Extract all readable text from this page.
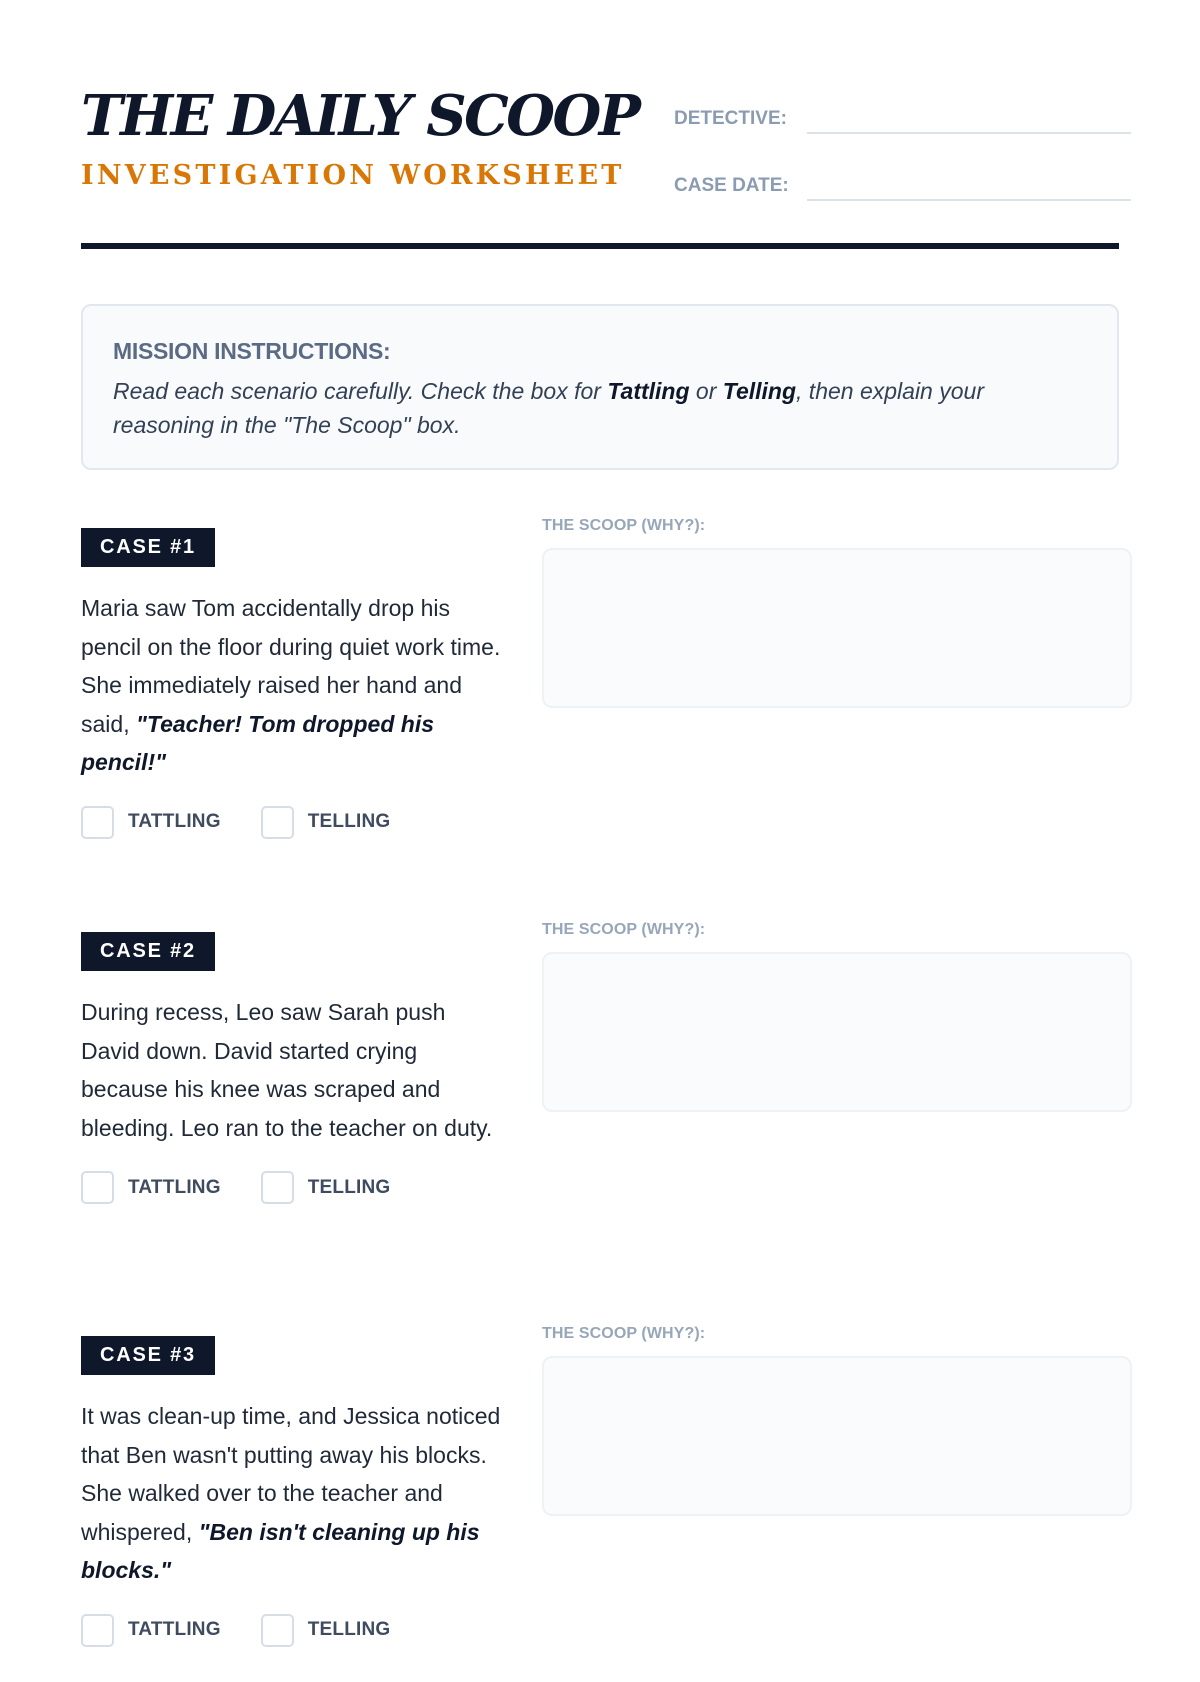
THE DAILY SCOOP
INVESTIGATION WORKSHEET
DETECTIVE:
CASE DATE:
MISSION INSTRUCTIONS:
Read each scenario carefully. Check the box for Tattling or Telling, then explain your reasoning in the "The Scoop" box.
CASE #1
Maria saw Tom accidentally drop his pencil on the floor during quiet work time. She immediately raised her hand and said, "Teacher! Tom dropped his pencil!"
TATTLING	TELLING
THE SCOOP (WHY?):
CASE #2
During recess, Leo saw Sarah push David down. David started crying because his knee was scraped and bleeding. Leo ran to the teacher on duty.
TATTLING	TELLING
THE SCOOP (WHY?):
CASE #3
It was clean-up time, and Jessica noticed that Ben wasn't putting away his blocks. She walked over to the teacher and whispered, "Ben isn't cleaning up his blocks."
TATTLING	TELLING
THE SCOOP (WHY?):
